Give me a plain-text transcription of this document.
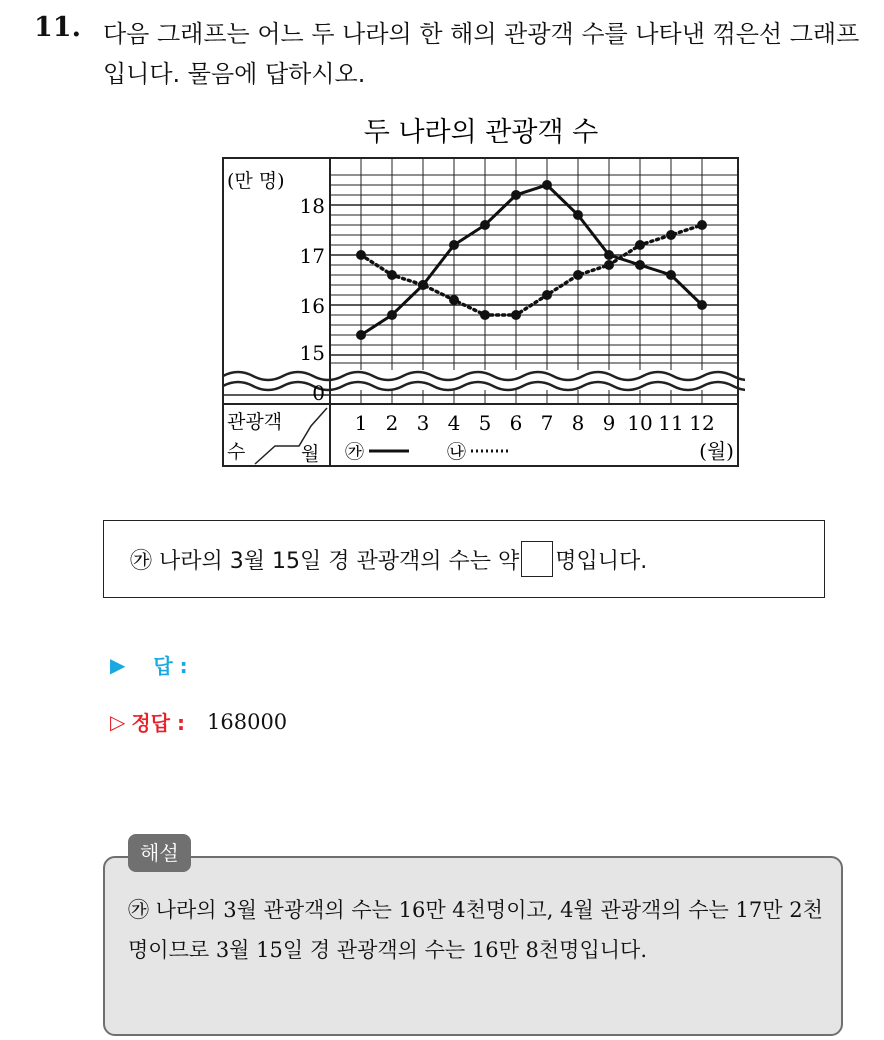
11. 다음 그래프는 어느 두 나라의 한 해의 관광객 수를 나타낸 꺾은선 그래프입니다. 물음에 답하시오.
두 나라의 관광객 수
(만 명)
0
15
16
17
18
1 2 3 4 5 6 7 8 9 10 11 12
(월)
관광객
수	월 ㉮	㉯
㉮ 나라의 3월 15일 경 관광객의 수는 약 명입니다.
▶ 답 :
▷ 정답 : 168000
해설
㉮ 나라의 3월 관광객의 수는 16만 4천명이고, 4월 관광객의 수는 17만 2천명이므로 3월 15일 경 관광객의 수는 16만 8천명입니다.
